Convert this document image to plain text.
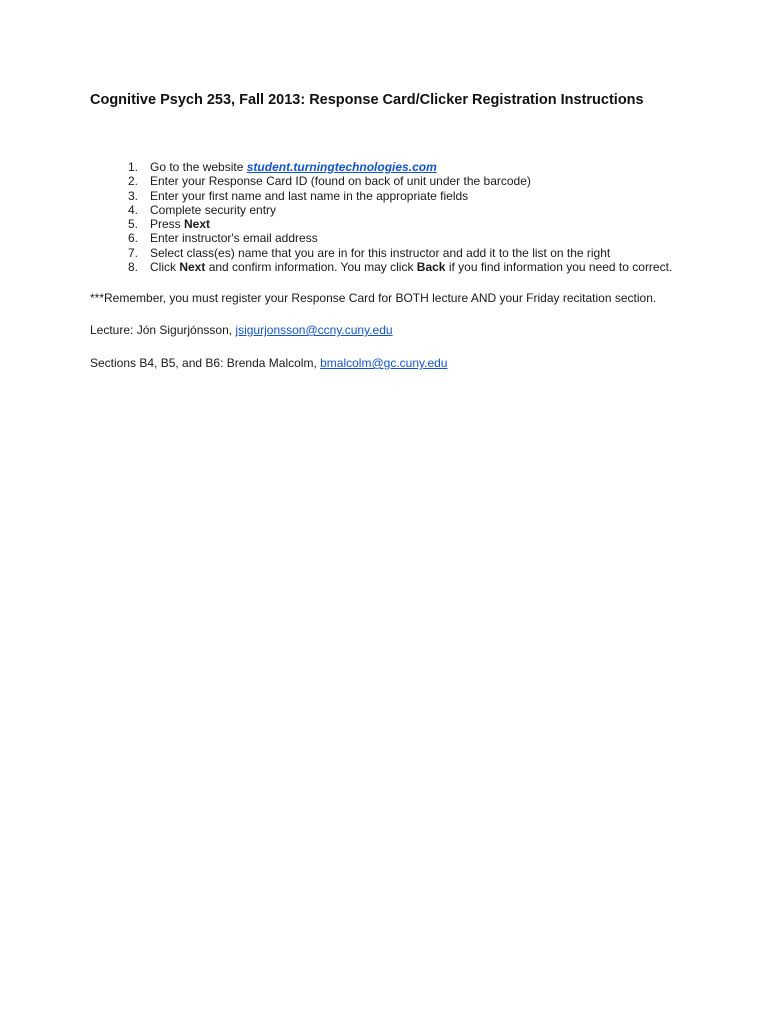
Cognitive Psych 253, Fall 2013: Response Card/Clicker Registration Instructions
1. Go to the website student.turningtechnologies.com
2. Enter your Response Card ID (found on back of unit under the barcode)
3. Enter your first name and last name in the appropriate fields
4. Complete security entry
5. Press Next
6. Enter instructor's email address
7. Select class(es) name that you are in for this instructor and add it to the list on the right
8. Click Next and confirm information. You may click Back if you find information you need to correct.
***Remember, you must register your Response Card for BOTH lecture AND your Friday recitation section.
Lecture: Jón Sigurjónsson, jsigurjonsson@ccny.cuny.edu
Sections B4, B5, and B6: Brenda Malcolm, bmalcolm@gc.cuny.edu
